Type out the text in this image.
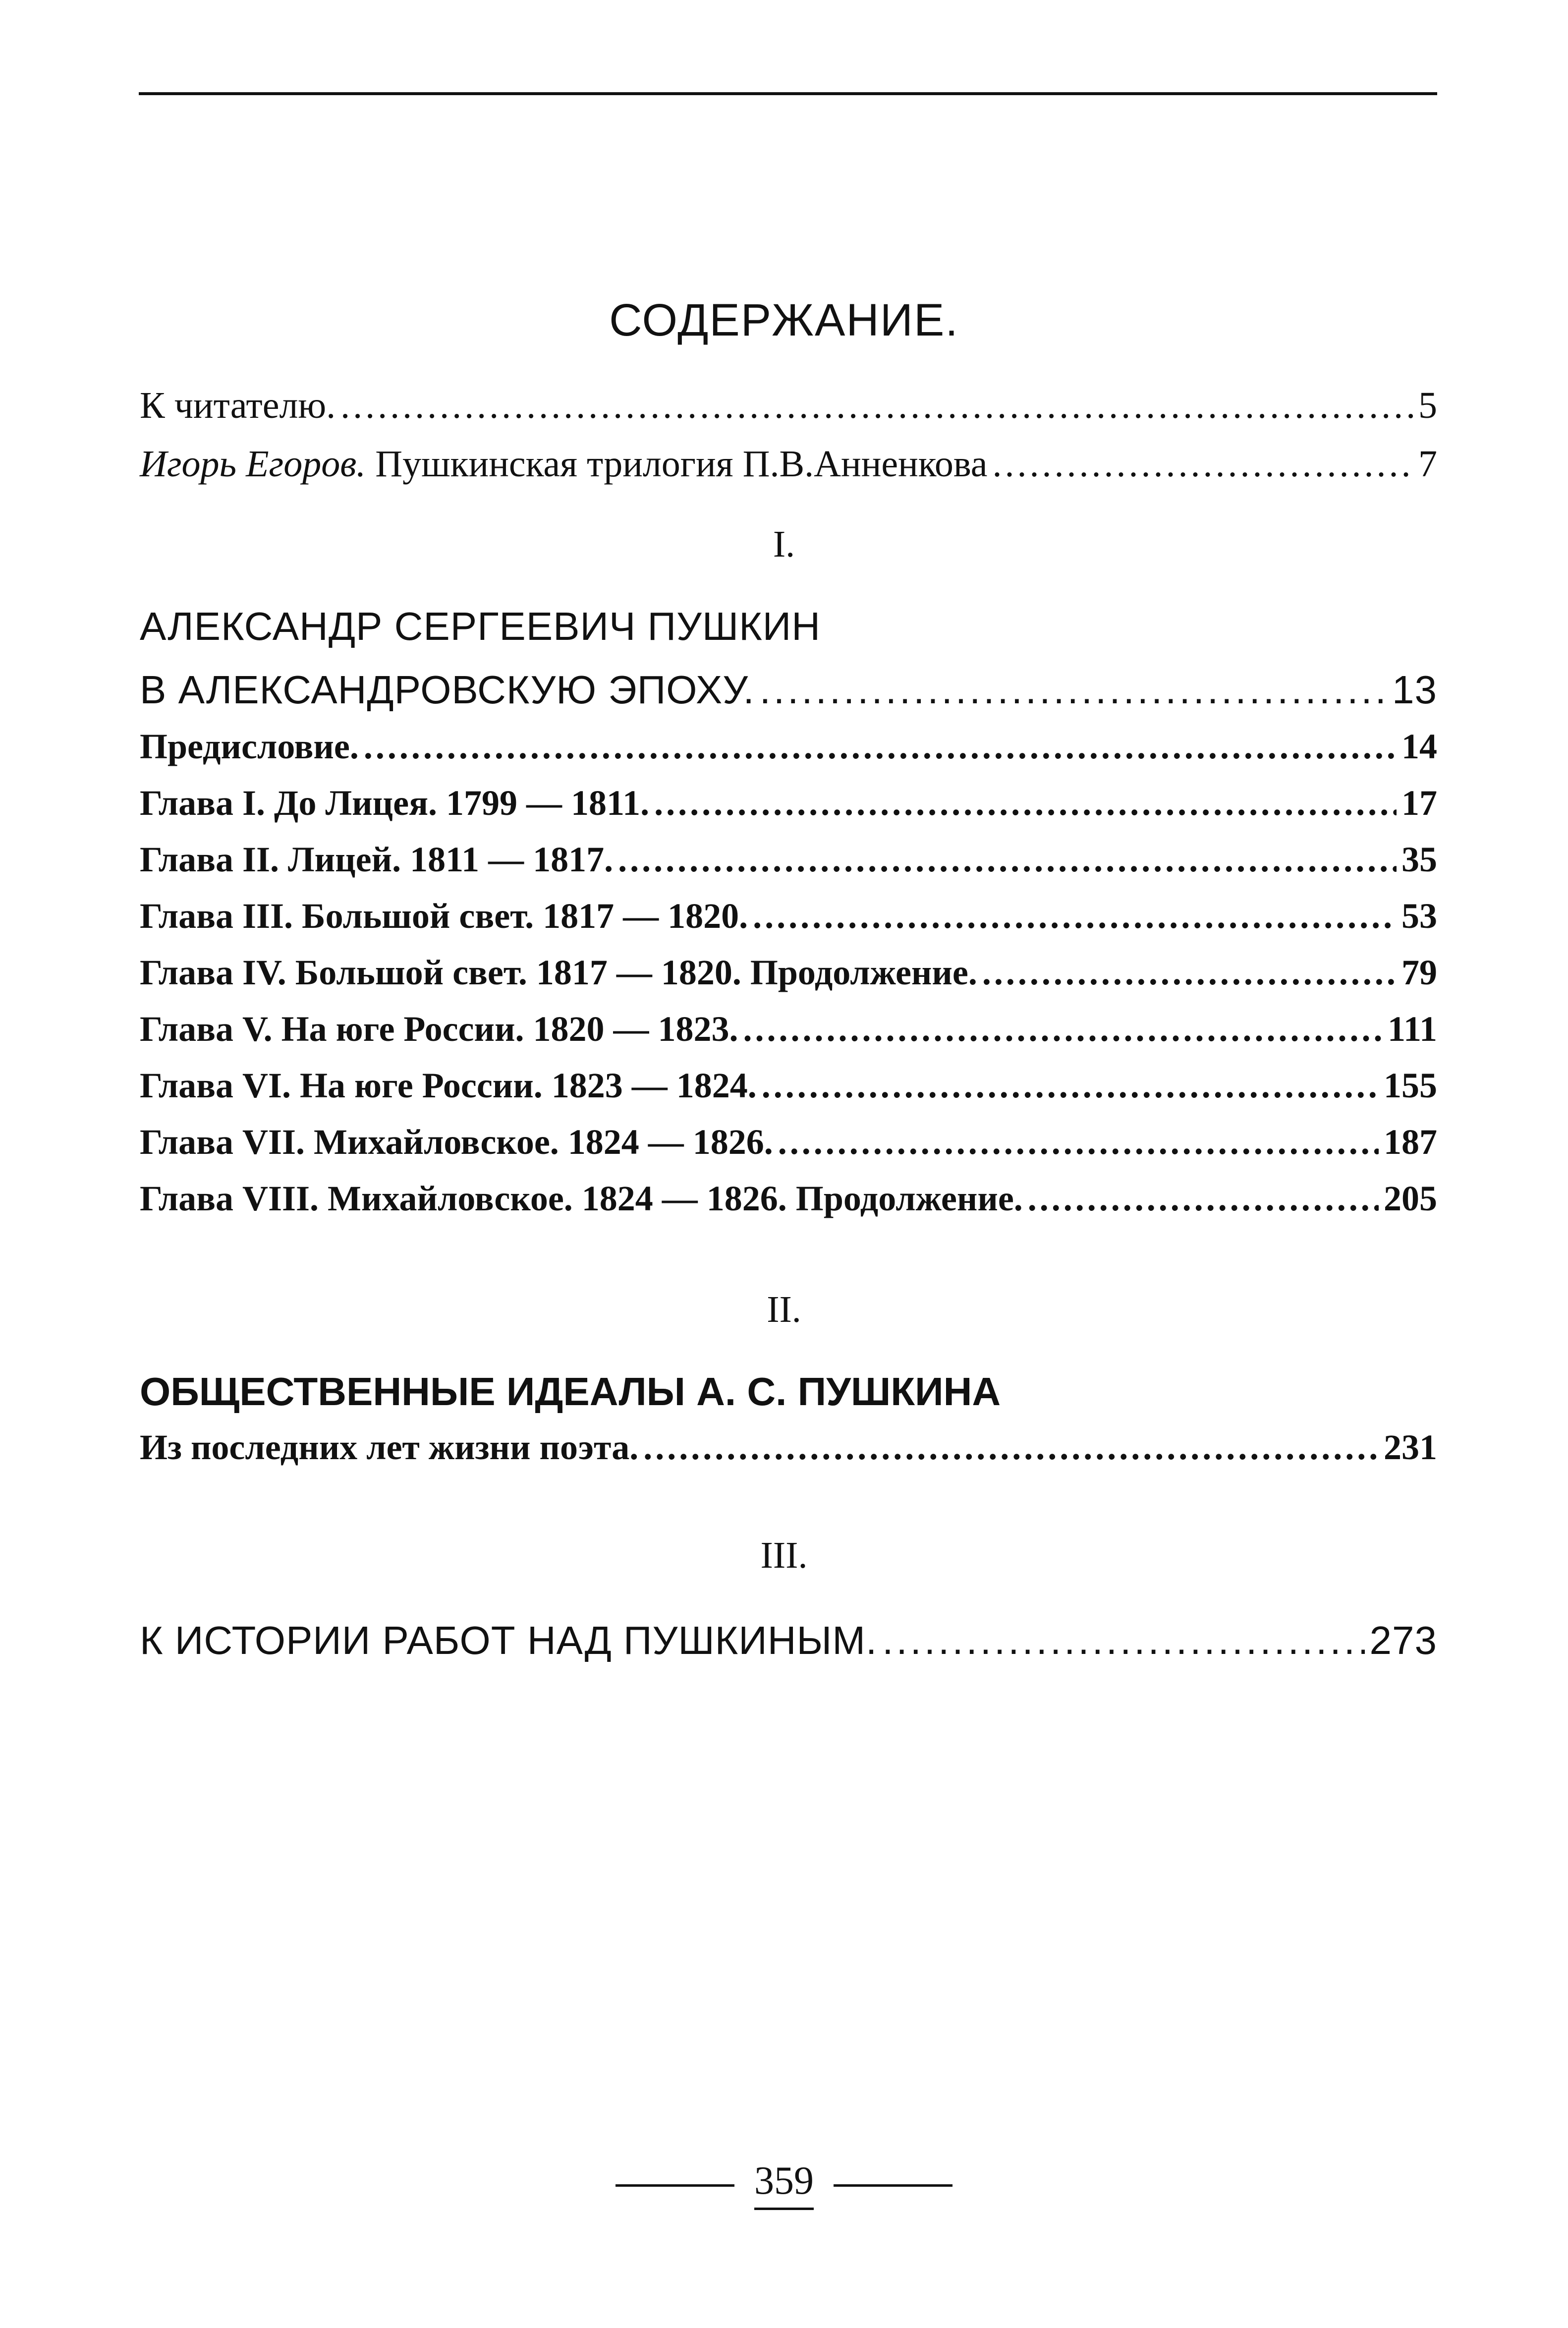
СОДЕРЖАНИЕ.
К читателю. .....	5
Игорь Егоров. Пушкинская трилогия П.В.Анненкова .....	7
I.
АЛЕКСАНДР СЕРГЕЕВИЧ ПУШКИН
В АЛЕКСАНДРОВСКУЮ ЭПОХУ. .....	13
Предисловие. .....	14
Глава I. До Лицея. 1799 — 1811. .....	17
Глава II. Лицей. 1811 — 1817. .....	35
Глава III. Большой свет. 1817 — 1820. .....	53
Глава IV. Большой свет. 1817 — 1820. Продолжение. .....	79
Глава V. На юге России. 1820 — 1823. .....	111
Глава VI. На юге России. 1823 — 1824. .....	155
Глава VII. Михайловское. 1824 — 1826. .....	187
Глава VIII. Михайловское. 1824 — 1826. Продолжение. .....	205
II.
ОБЩЕСТВЕННЫЕ ИДЕАЛЫ А. С. ПУШКИНА
Из последних лет жизни поэта. .....	231
III.
К ИСТОРИИ РАБОТ НАД ПУШКИНЫМ. .....	273
359
